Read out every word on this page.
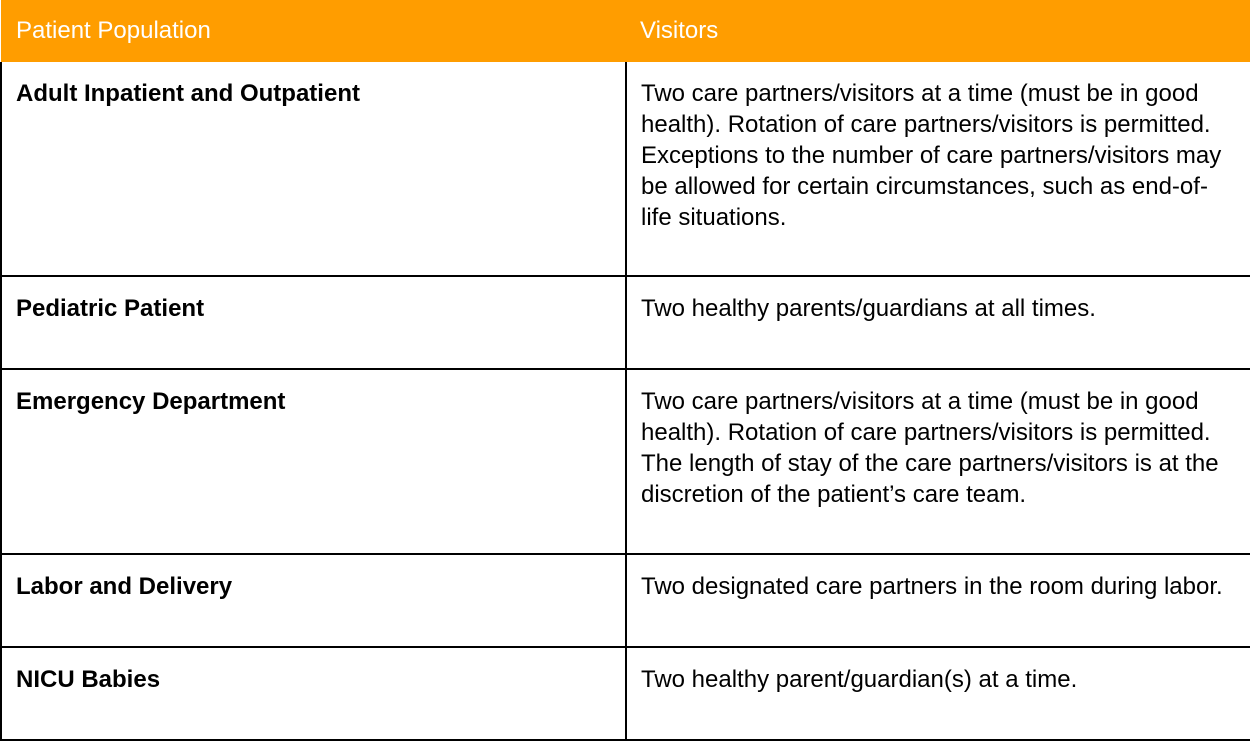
Patient Population	Visitors
Adult Inpatient and Outpatient	Two care partners/visitors at a time (must be in good health). Rotation of care partners/visitors is permitted. Exceptions to the number of care partners/visitors may be allowed for certain circumstances, such as end-of-life situations.
Pediatric Patient	Two healthy parents/guardians at all times.
Emergency Department	Two care partners/visitors at a time (must be in good health). Rotation of care partners/visitors is permitted. The length of stay of the care partners/visitors is at the discretion of the patient’s care team.
Labor and Delivery	Two designated care partners in the room during labor.
NICU Babies	Two healthy parent/guardian(s) at a time.
